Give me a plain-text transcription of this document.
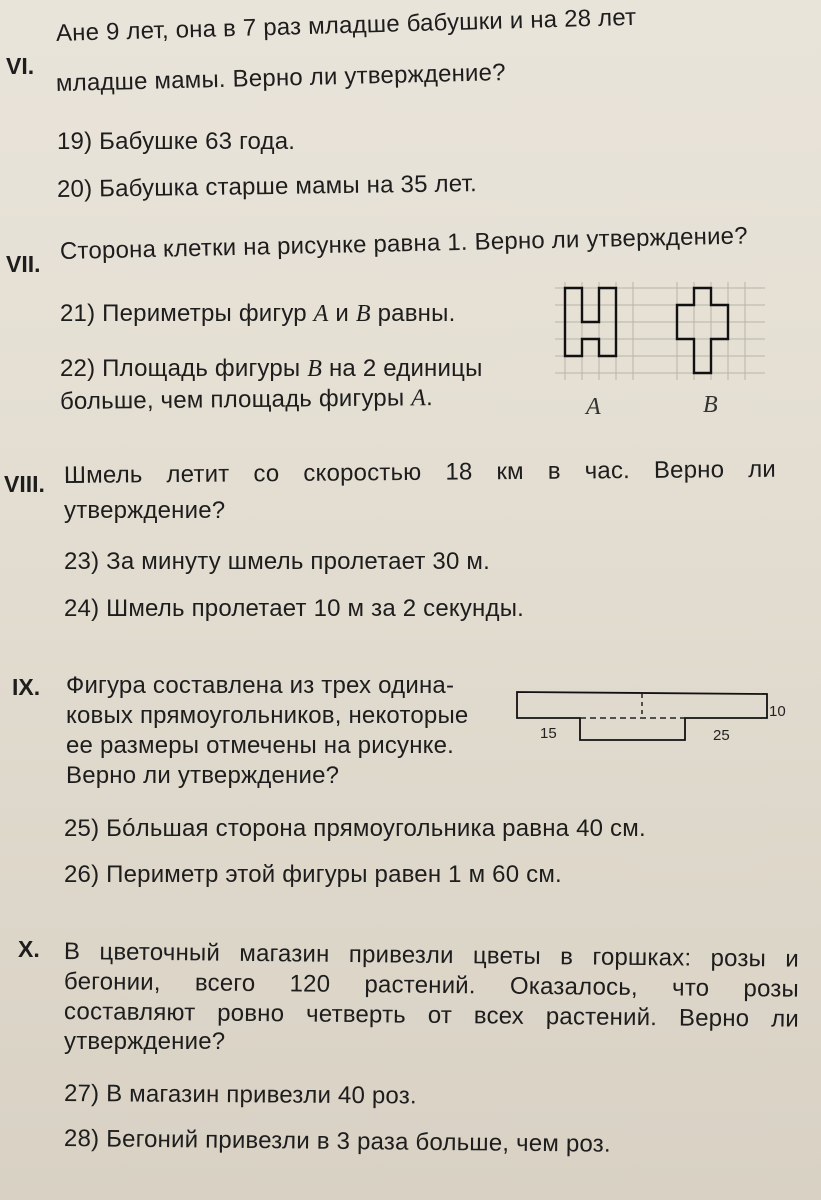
VI.
Ане 9 лет, она в 7 раз младше бабушки и на 28 лет
младше мамы. Верно ли утверждение?
19) Бабушке 63 года.
20) Бабушка старше мамы на 35 лет.
VII. Сторона клетки на рисунке равна 1. Верно ли утверждение?
21) Периметры фигур A и B равны.
22) Площадь фигуры B на 2 единицы
больше, чем площадь фигуры A.	A	B
VIII. Шмель летит со скоростью 18 км в час. Верно ли
утверждение?
23) За минуту шмель пролетает 30 м.
24) Шмель пролетает 10 м за 2 секунды.
IX. Фигура составлена из трех одина-
ковых прямоугольников, некоторые
ее размеры отмечены на рисунке.
Верно ли утверждение?
10
15	25
25) Бóльшая сторона прямоугольника равна 40 см.
26) Периметр этой фигуры равен 1 м 60 см.
X. В цветочный магазин привезли цветы в горшках: розы и
бегонии, всего 120 растений. Оказалось, что розы
составляют ровно четверть от всех растений. Верно ли
утверждение?
27) В магазин привезли 40 роз.
28) Бегоний привезли в 3 раза больше, чем роз.
